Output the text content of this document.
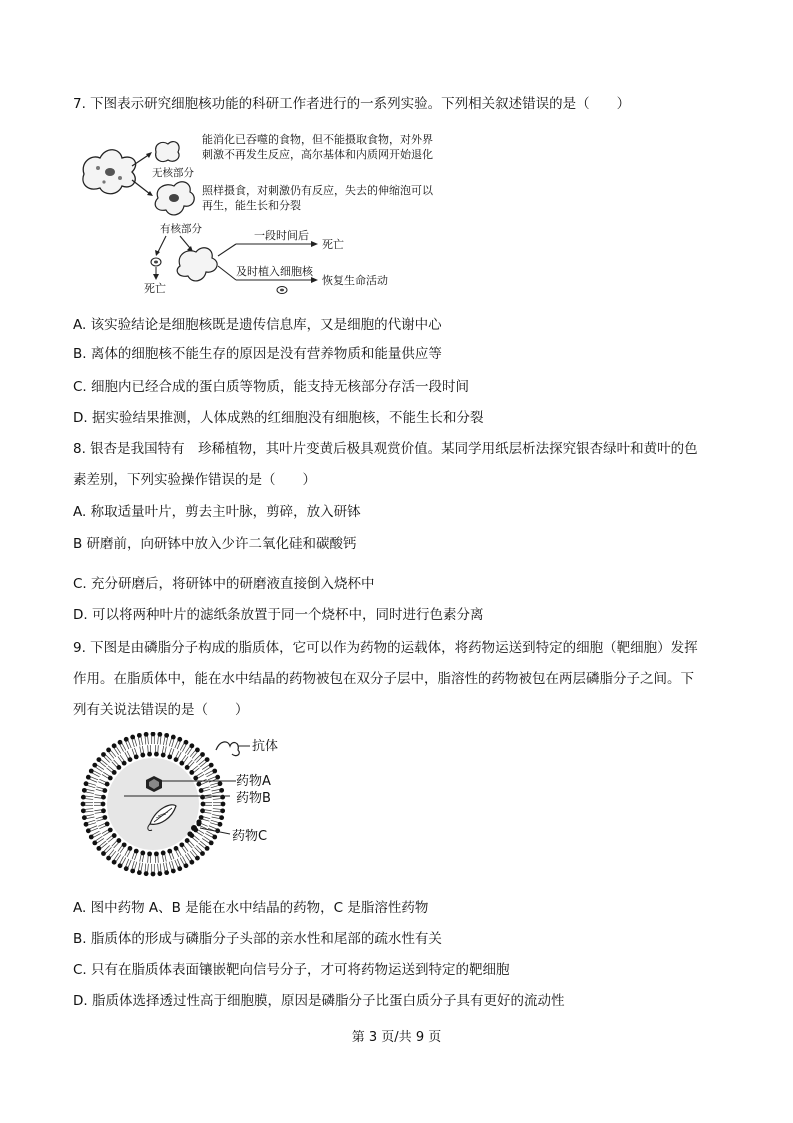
7. 下图表示研究细胞核功能的科研工作者进行的一系列实验。下列相关叙述错误的是（　　）
无核部分
能消化已吞噬的食物，但不能摄取食物，对外界
刺激不再发生反应，高尔基体和内质网开始退化
照样摄食，对刺激仍有反应，失去的伸缩泡可以
再生，能生长和分裂
有核部分
死亡
一段时间后
死亡
及时植入细胞核
恢复生命活动
A. 该实验结论是细胞核既是遗传信息库，又是细胞的代谢中心
B. 离体的细胞核不能生存的原因是没有营养物质和能量供应等
C. 细胞内已经合成的蛋白质等物质，能支持无核部分存活一段时间
D. 据实验结果推测，人体成熟的红细胞没有细胞核，不能生长和分裂
8. 银杏是我国特有　珍稀植物，其叶片变黄后极具观赏价值。某同学用纸层析法探究银杏绿叶和黄叶的色
素差别，下列实验操作错误的是（　　）
A. 称取适量叶片，剪去主叶脉，剪碎，放入研钵
B 研磨前，向研钵中放入少许二氧化硅和碳酸钙
C. 充分研磨后，将研钵中的研磨液直接倒入烧杯中
D. 可以将两种叶片的滤纸条放置于同一个烧杯中，同时进行色素分离
9. 下图是由磷脂分子构成的脂质体，它可以作为药物的运载体，将药物运送到特定的细胞（靶细胞）发挥
作用。在脂质体中，能在水中结晶的药物被包在双分子层中，脂溶性的药物被包在两层磷脂分子之间。下
列有关说法错误的是（　　）
抗体
药物A
药物B
药物C
A. 图中药物 A、B 是能在水中结晶的药物，C 是脂溶性药物
B. 脂质体的形成与磷脂分子头部的亲水性和尾部的疏水性有关
C. 只有在脂质体表面镶嵌靶向信号分子，才可将药物运送到特定的靶细胞
D. 脂质体选择透过性高于细胞膜，原因是磷脂分子比蛋白质分子具有更好的流动性
第 3 页/共 9 页
